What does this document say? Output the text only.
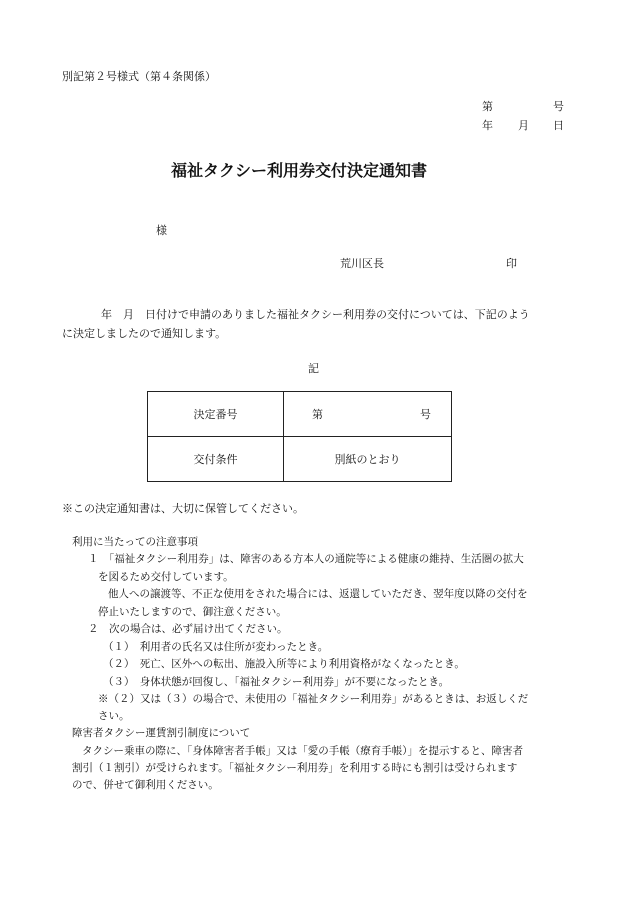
別記第２号様式（第４条関係）
第	号
年 月 日
福祉タクシー利用券交付決定通知書
様
荒川区長	印
　年　月　日付けで申請のありました福祉タクシー利用券の交付については、下記のよう
に決定しましたので通知します。
記
決定番号	第 号

交付条件	別紙のとおり
※この決定通知書は、大切に保管してください。
利用に当たっての注意事項
１　「福祉タクシー利用券」は、障害のある方本人の通院等による健康の維持、生活圏の拡大
を図るため交付しています。
他人への譲渡等、不正な使用をされた場合には、返還していただき、翌年度以降の交付を
停止いたしますので、御注意ください。
２　次の場合は、必ず届け出てください。
（１）　利用者の氏名又は住所が変わったとき。
（２）　死亡、区外への転出、施設入所等により利用資格がなくなったとき。
（３）　身体状態が回復し、「福祉タクシー利用券」が不要になったとき。
※（２）又は（３）の場合で、未使用の「福祉タクシー利用券」があるときは、お返しくだ
さい。
障害者タクシー運賃割引制度について
タクシー乗車の際に、「身体障害者手帳」又は「愛の手帳（療育手帳）」を提示すると、障害者
割引（１割引）が受けられます。「福祉タクシー利用券」を利用する時にも割引は受けられます
ので、併せて御利用ください。
